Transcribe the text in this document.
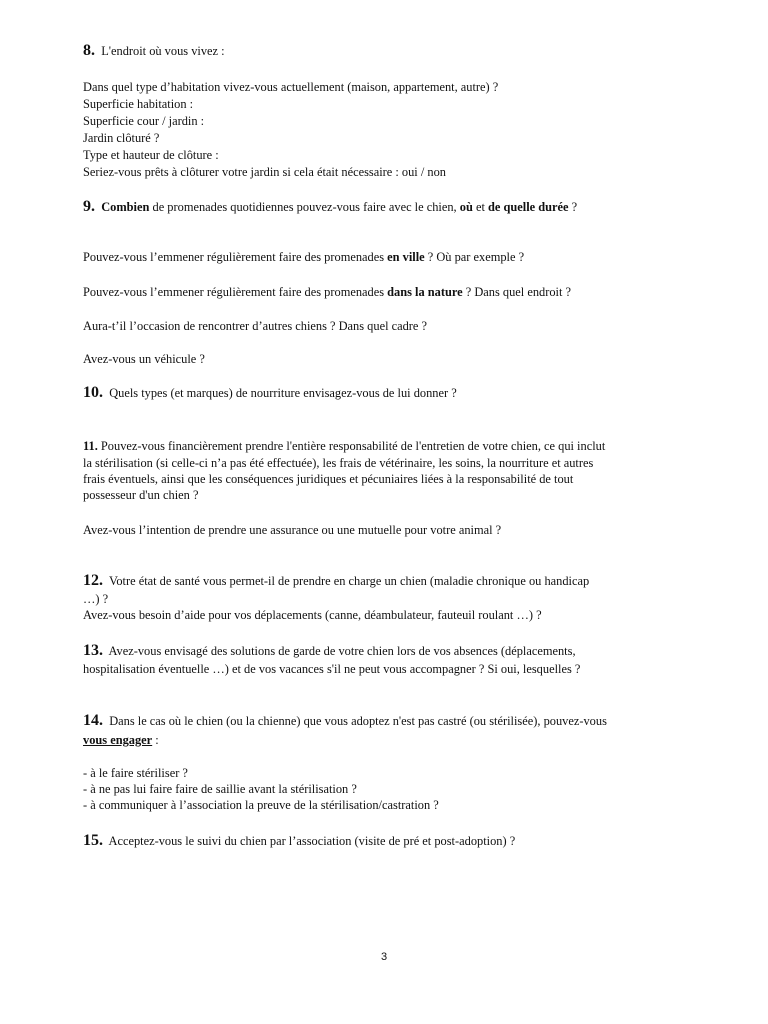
8. L'endroit où vous vivez :
Dans quel type d’habitation vivez-vous actuellement (maison, appartement, autre) ?
Superficie habitation :
Superficie cour / jardin :
Jardin clôturé ?
Type et hauteur de clôture :
Seriez-vous prêts à clôturer votre jardin si cela était nécessaire : oui / non
9. Combien de promenades quotidiennes pouvez-vous faire avec le chien, où et de quelle durée ?
Pouvez-vous l’emmener régulièrement faire des promenades en ville ? Où par exemple ?
Pouvez-vous l’emmener régulièrement faire des promenades dans la nature ? Dans quel endroit ?
Aura-t’il l’occasion de rencontrer d’autres chiens ? Dans quel cadre ?
Avez-vous un véhicule ?
10. Quels types (et marques) de nourriture envisagez-vous de lui donner ?
11. Pouvez-vous financièrement prendre l'entière responsabilité de l'entretien de votre chien, ce qui inclut
la stérilisation (si celle-ci n’a pas été effectuée), les frais de vétérinaire, les soins, la nourriture et autres
frais éventuels, ainsi que les conséquences juridiques et pécuniaires liées à la responsabilité de tout
possesseur d'un chien ?
Avez-vous l’intention de prendre une assurance ou une mutuelle pour votre animal ?
12. Votre état de santé vous permet-il de prendre en charge un chien (maladie chronique ou handicap
…) ?
Avez-vous besoin d’aide pour vos déplacements (canne, déambulateur, fauteuil roulant …) ?
13. Avez-vous envisagé des solutions de garde de votre chien lors de vos absences (déplacements,
hospitalisation éventuelle …) et de vos vacances s'il ne peut vous accompagner ? Si oui, lesquelles ?
14. Dans le cas où le chien (ou la chienne) que vous adoptez n'est pas castré (ou stérilisée), pouvez-vous
vous engager :
- à le faire stériliser ?
- à ne pas lui faire faire de saillie avant la stérilisation ?
- à communiquer à l’association la preuve de la stérilisation/castration ?
15. Acceptez-vous le suivi du chien par l’association (visite de pré et post-adoption) ?
3
